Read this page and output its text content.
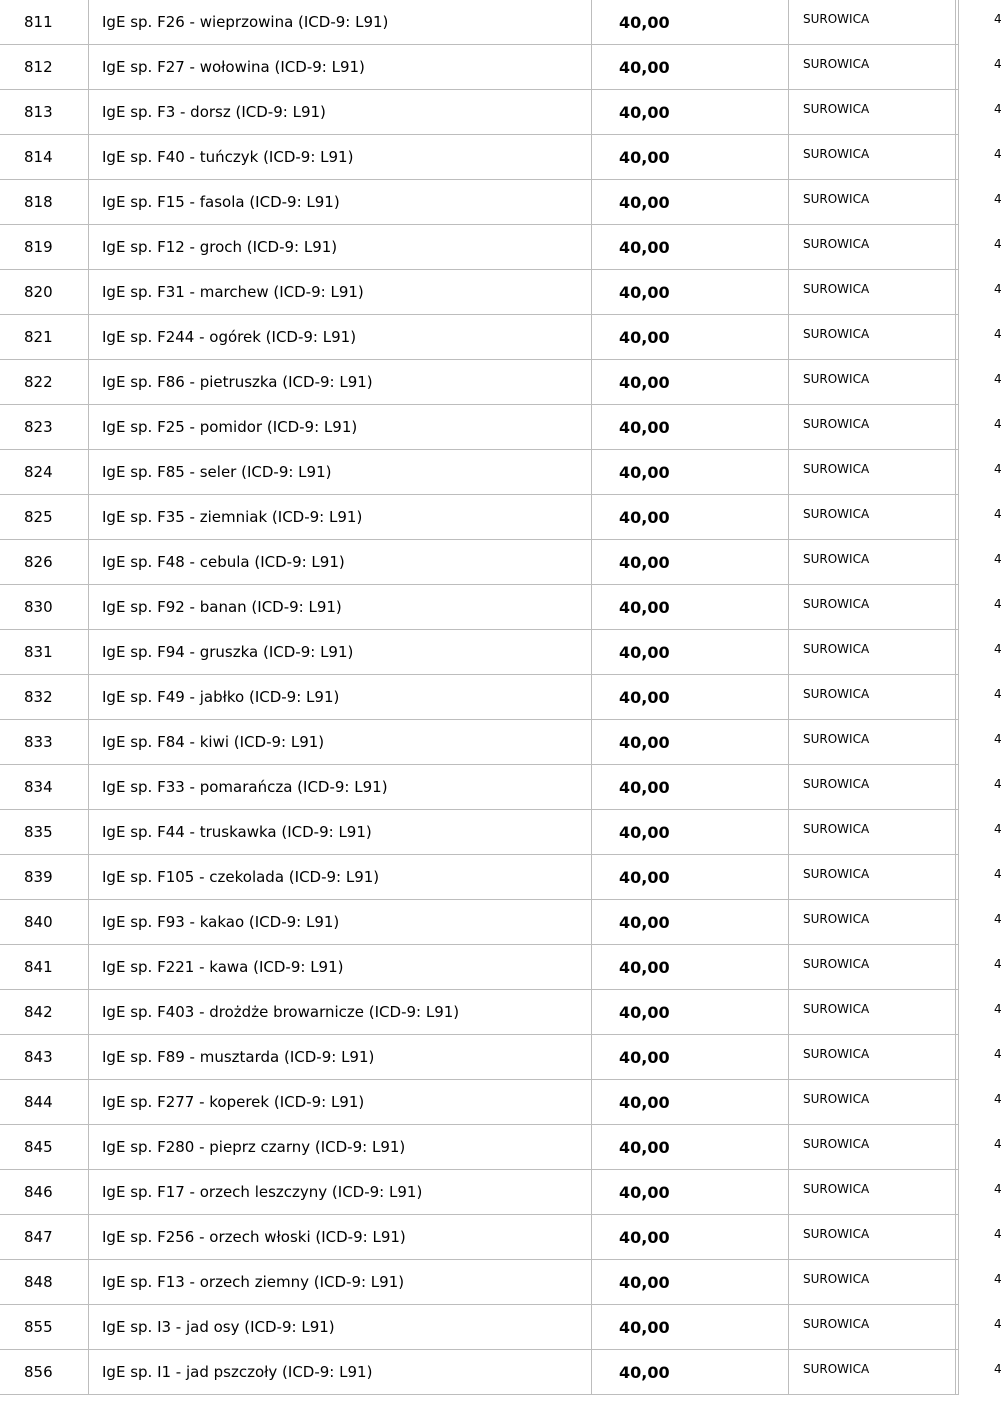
811	IgE sp. F26 - wieprzowina (ICD-9: L91)	40,00	SUROWICA	4
812	IgE sp. F27 - wołowina (ICD-9: L91)	40,00	SUROWICA	4
813	IgE sp. F3 - dorsz (ICD-9: L91)	40,00	SUROWICA	4
814	IgE sp. F40 - tuńczyk (ICD-9: L91)	40,00	SUROWICA	4
818	IgE sp. F15 - fasola (ICD-9: L91)	40,00	SUROWICA	4
819	IgE sp. F12 - groch (ICD-9: L91)	40,00	SUROWICA	4
820	IgE sp. F31 - marchew (ICD-9: L91)	40,00	SUROWICA	4
821	IgE sp. F244 - ogórek (ICD-9: L91)	40,00	SUROWICA	4
822	IgE sp. F86 - pietruszka (ICD-9: L91)	40,00	SUROWICA	4
823	IgE sp. F25 - pomidor (ICD-9: L91)	40,00	SUROWICA	4
824	IgE sp. F85 - seler (ICD-9: L91)	40,00	SUROWICA	4
825	IgE sp. F35 - ziemniak (ICD-9: L91)	40,00	SUROWICA	4
826	IgE sp. F48 - cebula (ICD-9: L91)	40,00	SUROWICA	4
830	IgE sp. F92 - banan (ICD-9: L91)	40,00	SUROWICA	4
831	IgE sp. F94 - gruszka (ICD-9: L91)	40,00	SUROWICA	4
832	IgE sp. F49 - jabłko (ICD-9: L91)	40,00	SUROWICA	4
833	IgE sp. F84 - kiwi (ICD-9: L91)	40,00	SUROWICA	4
834	IgE sp. F33 - pomarańcza (ICD-9: L91)	40,00	SUROWICA	4
835	IgE sp. F44 - truskawka (ICD-9: L91)	40,00	SUROWICA	4
839	IgE sp. F105 - czekolada (ICD-9: L91)	40,00	SUROWICA	4
840	IgE sp. F93 - kakao (ICD-9: L91)	40,00	SUROWICA	4
841	IgE sp. F221 - kawa (ICD-9: L91)	40,00	SUROWICA	4
842	IgE sp. F403 - drożdże browarnicze (ICD-9: L91)	40,00	SUROWICA	4
843	IgE sp. F89 - musztarda (ICD-9: L91)	40,00	SUROWICA	4
844	IgE sp. F277 - koperek (ICD-9: L91)	40,00	SUROWICA	4
845	IgE sp. F280 - pieprz czarny (ICD-9: L91)	40,00	SUROWICA	4
846	IgE sp. F17 - orzech leszczyny (ICD-9: L91)	40,00	SUROWICA	4
847	IgE sp. F256 - orzech włoski (ICD-9: L91)	40,00	SUROWICA	4
848	IgE sp. F13 - orzech ziemny (ICD-9: L91)	40,00	SUROWICA	4
855	IgE sp. I3 - jad osy (ICD-9: L91)	40,00	SUROWICA	4
856	IgE sp. I1 - jad pszczoły (ICD-9: L91)	40,00	SUROWICA	4
